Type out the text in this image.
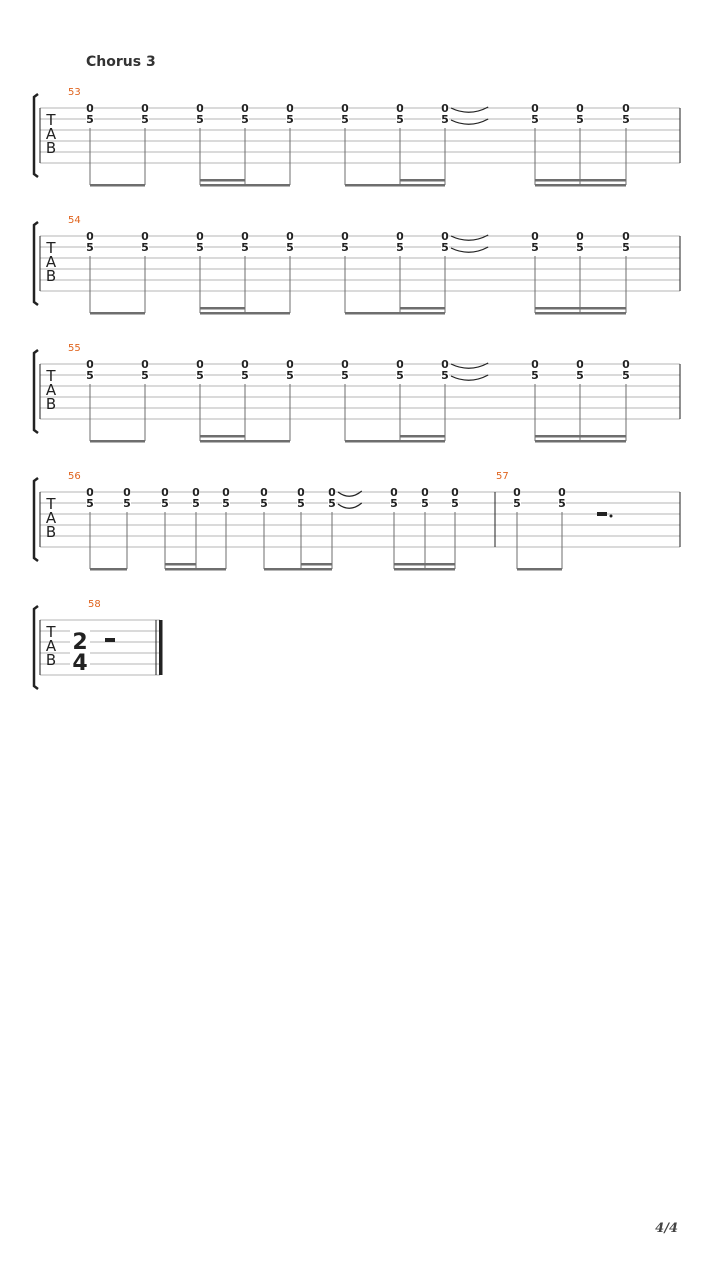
Chorus 3
T
A
B
53
0
5
0
5
0
5
0
5
0
5
0
5
0
5
0
5
0
5
0
5
0
5
T
A
B
54
0
5
0
5
0
5
0
5
0
5
0
5
0
5
0
5
0
5
0
5
0
5
T
A
B
55
0
5
0
5
0
5
0
5
0
5
0
5
0
5
0
5
0
5
0
5
0
5
T
A
B
56
0
5
0
5
0
5
0
5
0
5
0
5
0
5
0
5
0
5
0
5
0
5
57
0
5
0
5
T
A
B
58
2
4
4/4
